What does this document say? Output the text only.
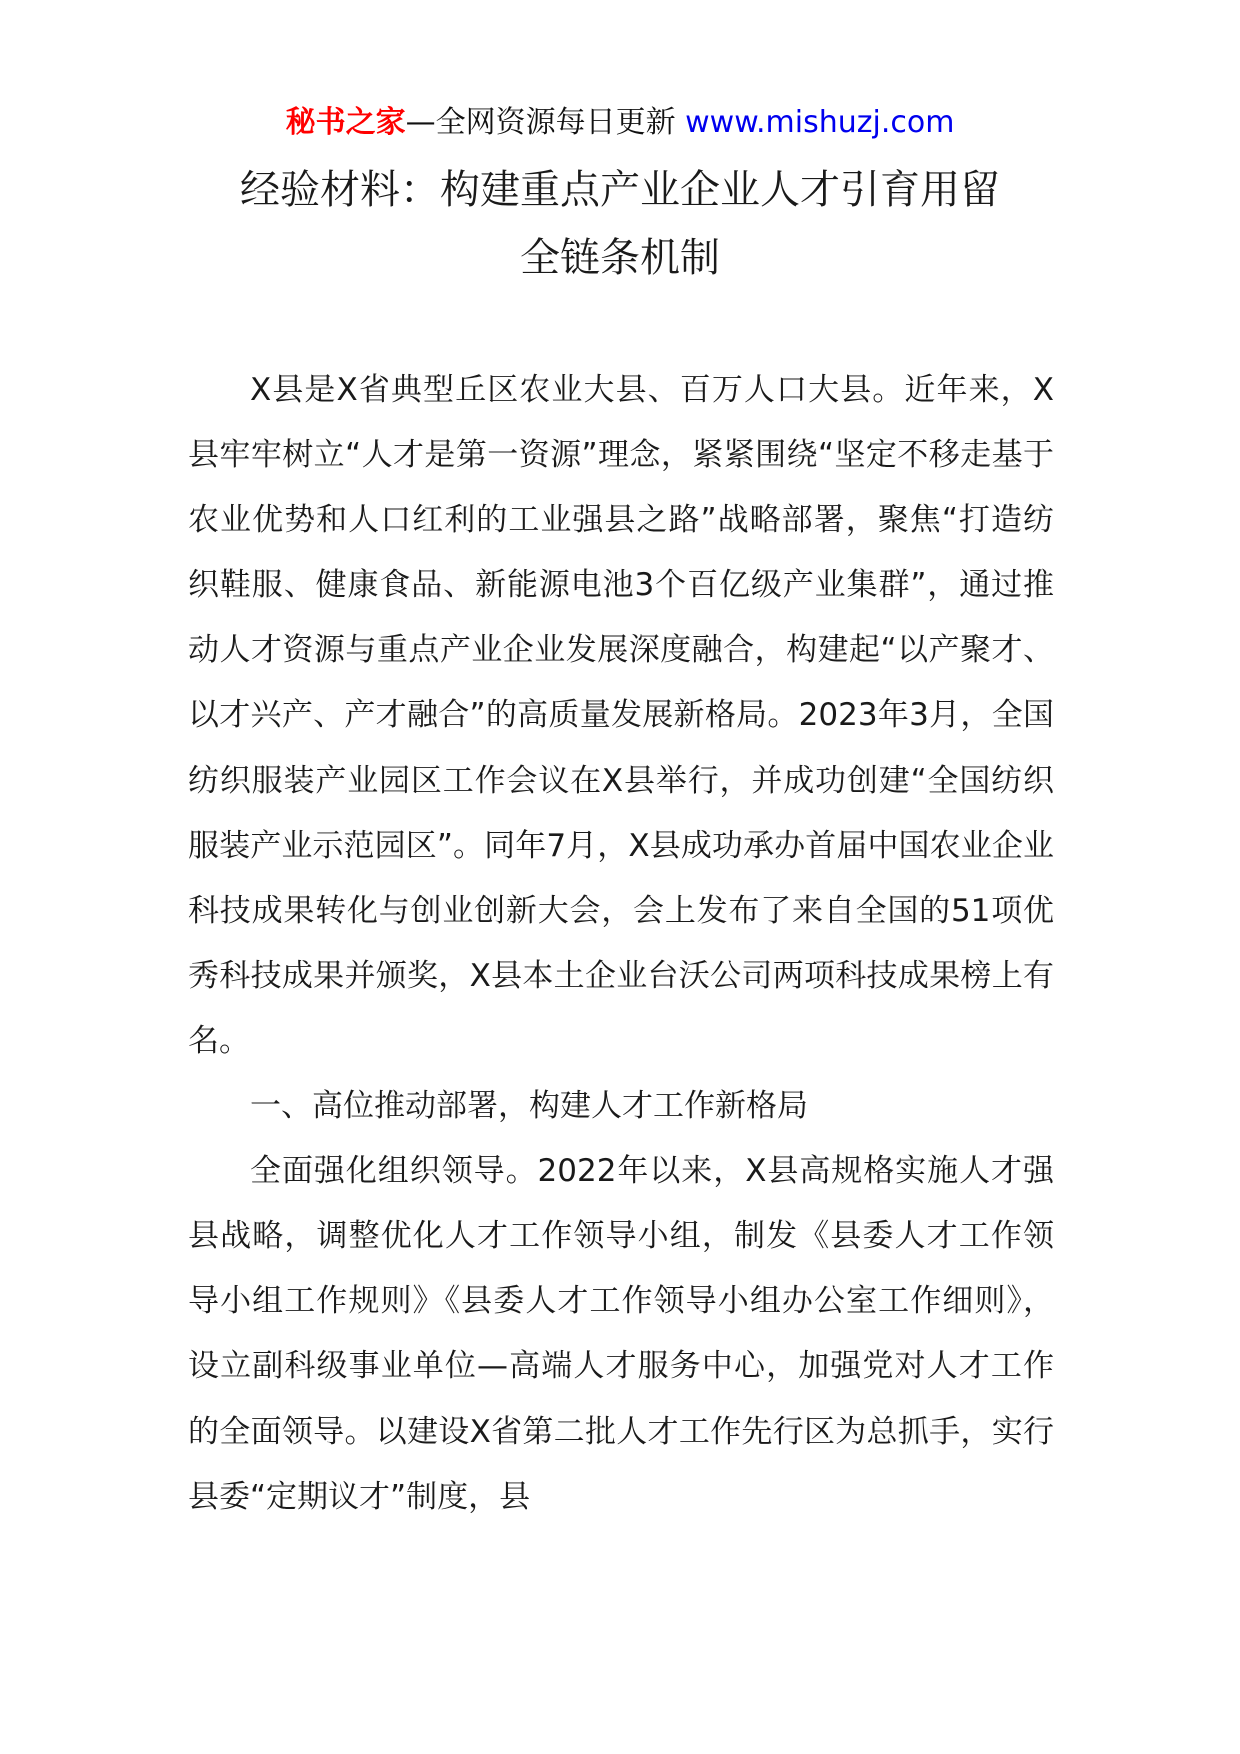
秘书之家—全网资源每日更新 www.mishuzj.com
经验材料：构建重点产业企业人才引育用留
全链条机制

X县是X省典型丘区农业大县、百万人口大县。近年来，X县牢牢树立“人才是第一资源”理念，紧紧围绕“坚定不移走基于农业优势和人口红利的工业强县之路”战略部署，聚焦“打造纺织鞋服、健康食品、新能源电池3个百亿级产业集群”，通过推动人才资源与重点产业企业发展深度融合，构建起“以产聚才、以才兴产、产才融合”的高质量发展新格局。2023年3月，全国纺织服装产业园区工作会议在X县举行，并成功创建“全国纺织服装产业示范园区”。同年7月，X县成功承办首届中国农业企业科技成果转化与创业创新大会，会上发布了来自全国的51项优秀科技成果并颁奖，X县本土企业台沃公司两项科技成果榜上有名。

一、高位推动部署，构建人才工作新格局

全面强化组织领导。2022年以来，X县高规格实施人才强县战略，调整优化人才工作领导小组，制发《县委人才工作领导小组工作规则》《县委人才工作领导小组办公室工作细则》，设立副科级事业单位—高端人才服务中心，加强党对人才工作的全面领导。以建设X省第二批人才工作先行区为总抓手，实行县委“定期议才”制度，县
